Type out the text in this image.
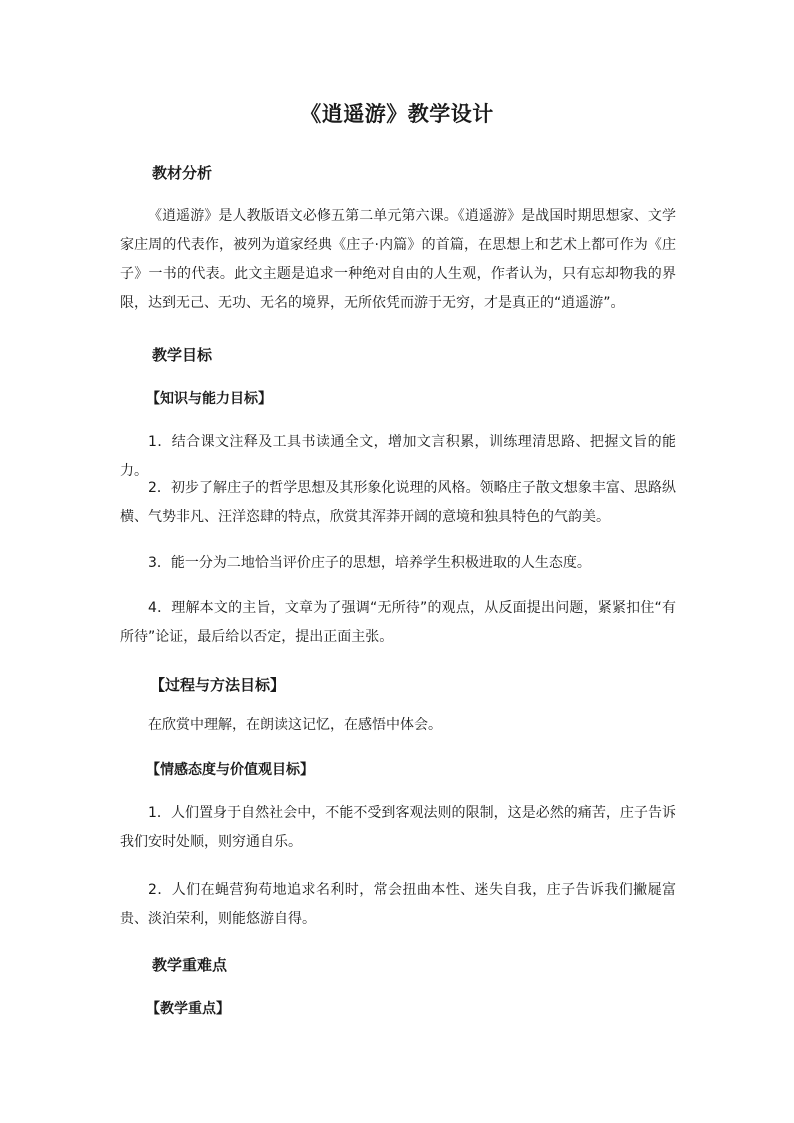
《逍遥游》教学设计
教材分析

《逍遥游》是人教版语文必修五第二单元第六课。《逍遥游》是战国时期思想家、文学家庄周的代表作，被列为道家经典《庄子·内篇》的首篇，在思想上和艺术上都可作为《庄子》一书的代表。此文主题是追求一种绝对自由的人生观，作者认为，只有忘却物我的界限，达到无己、无功、无名的境界，无所依凭而游于无穷，才是真正的“逍遥游”。

教学目标
【知识与能力目标】

1．结合课文注释及工具书读通全文，增加文言积累，训练理清思路、把握文旨的能力。

2．初步了解庄子的哲学思想及其形象化说理的风格。领略庄子散文想象丰富、思路纵横、气势非凡、汪洋恣肆的特点，欣赏其浑莽开阔的意境和独具特色的气韵美。

3．能一分为二地恰当评价庄子的思想，培养学生积极进取的人生态度。

4．理解本文的主旨，文章为了强调“无所待”的观点，从反面提出问题，紧紧扣住“有所待”论证，最后给以否定，提出正面主张。

【过程与方法目标】

在欣赏中理解，在朗读这记忆，在感悟中体会。

【情感态度与价值观目标】

1．人们置身于自然社会中，不能不受到客观法则的限制，这是必然的痛苦，庄子告诉我们安时处顺，则穷通自乐。

2．人们在蝇营狗苟地追求名利时，常会扭曲本性、迷失自我，庄子告诉我们撇屣富贵、淡泊荣利，则能悠游自得。

教学重难点
【教学重点】
